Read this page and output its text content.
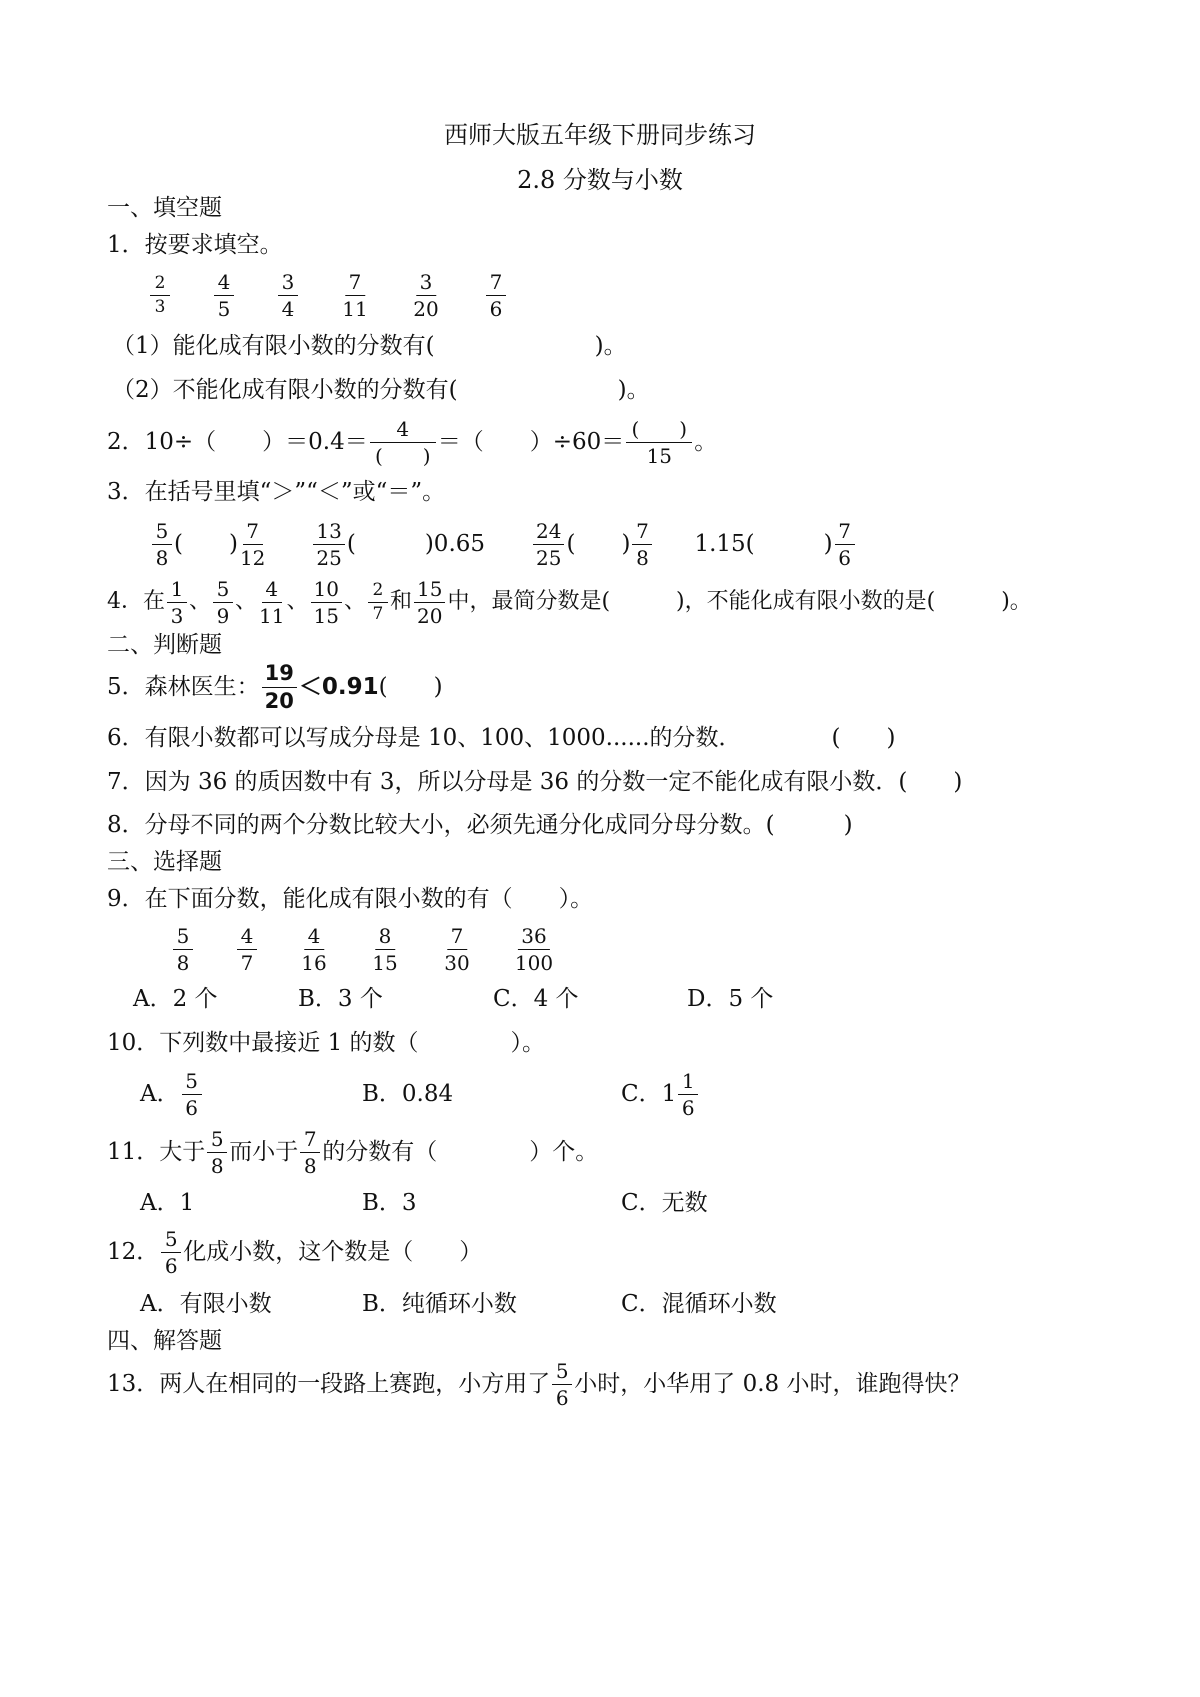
西师大版五年级下册同步练习
2.8 分数与小数
一、填空题
1．按要求填空。
$\frac{2}{3} \frac{4}{5} \frac{3}{4} \frac{7}{11} \frac{3}{20} \frac{7}{6}$
（1）能化成有限小数的分数有(	)。
（2）不能化成有限小数的分数有(	)。
2．10÷（　　）$=0.4= \frac{4}{( )}$ ＝（　　）$\div 60= \frac{( )}{15}$ 。
3．在括号里填“＞”“＜”或“＝”。
$\frac{5}{8}$ (　　) $\frac{7}{12} \frac{13}{25}$ (　　　)$0.65 \frac{24}{25}$ (　　) $\frac{7}{8} 1.15$(　　　) $\frac{7}{6}$
4．在 $\frac{1}{3}$ 、 $\frac{5}{9}$ 、 $\frac{4}{11}$ 、 $\frac{10}{15}$ 、 $\frac{2}{7}$ 和 $\frac{15}{20}$ 中，最简分数是(　　　)，不能化成有限小数的是(　　　)。
二、判断题
5．森林医生： $\frac{19}{20} <0.91$ (　　)
6．有限小数都可以写成分母是 10、100、1000......的分数．	(　　)
7．因为 36 的质因数中有 3，所以分母是 36 的分数一定不能化成有限小数．(　　)
8．分母不同的两个分数比较大小，必须先通分化成同分母分数。(　　　)
三、选择题
9．在下面分数，能化成有限小数的有（　　）。
$\frac{5}{8} \frac{4}{7} \frac{4}{16} \frac{8}{15} \frac{7}{30} \frac{36}{100}$
A．2 个	B．3 个	C．4 个	D．5 个
10．下列数中最接近 1 的数（　　　　）。
A． $\frac{5}{6}$	B．0.84	C．$1 \frac{1}{6}$
11．大于 $\frac{5}{8}$ 而小于 $\frac{7}{8}$ 的分数有（　　　　）个。
A．1	B．3	C．无数
12． $\frac{5}{6}$ 化成小数，这个数是（　　）
A．有限小数	B．纯循环小数	C．混循环小数
四、解答题
13．两人在相同的一段路上赛跑，小方用了 $\frac{5}{6}$ 小时，小华用了 0.8 小时，谁跑得快？
